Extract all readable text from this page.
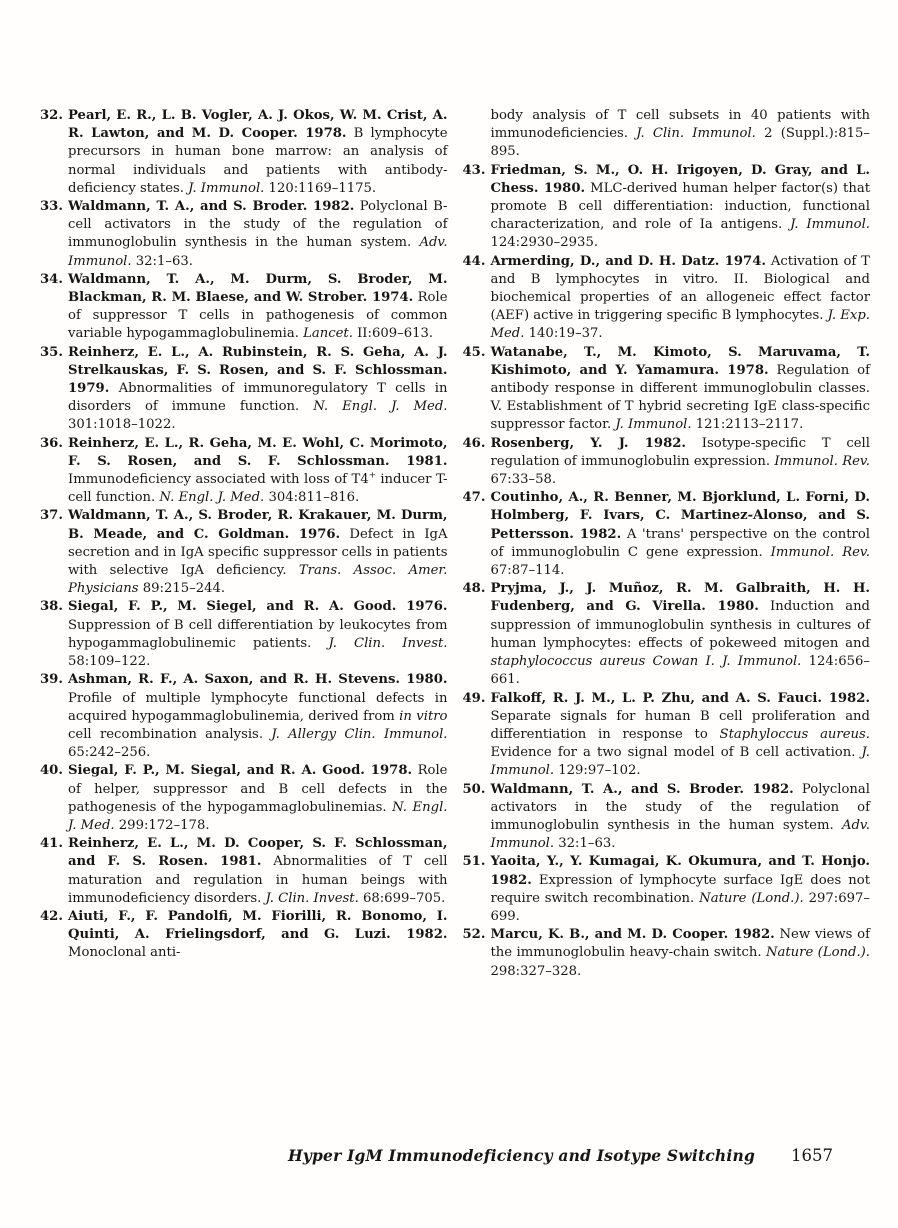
32. Pearl, E. R., L. B. Vogler, A. J. Okos, W. M. Crist, A. R. Lawton, and M. D. Cooper. 1978. B lymphocyte precursors in human bone marrow: an analysis of normal individuals and patients with antibody-deficiency states. J. Immunol. 120:1169–1175.
33. Waldmann, T. A., and S. Broder. 1982. Polyclonal B-cell activators in the study of the regulation of immunoglobulin synthesis in the human system. Adv. Immunol. 32:1–63.
34. Waldmann, T. A., M. Durm, S. Broder, M. Blackman, R. M. Blaese, and W. Strober. 1974. Role of suppressor T cells in pathogenesis of common variable hypogammaglobulinemia. Lancet. II:609–613.
35. Reinherz, E. L., A. Rubinstein, R. S. Geha, A. J. Strelkauskas, F. S. Rosen, and S. F. Schlossman. 1979. Abnormalities of immunoregulatory T cells in disorders of immune function. N. Engl. J. Med. 301:1018–1022.
36. Reinherz, E. L., R. Geha, M. E. Wohl, C. Morimoto, F. S. Rosen, and S. F. Schlossman. 1981. Immunodeficiency associated with loss of T4+ inducer T-cell function. N. Engl. J. Med. 304:811–816.
37. Waldmann, T. A., S. Broder, R. Krakauer, M. Durm, B. Meade, and C. Goldman. 1976. Defect in IgA secretion and in IgA specific suppressor cells in patients with selective IgA deficiency. Trans. Assoc. Amer. Physicians 89:215–244.
38. Siegal, F. P., M. Siegel, and R. A. Good. 1976. Suppression of B cell differentiation by leukocytes from hypogammaglobulinemic patients. J. Clin. Invest. 58:109–122.
39. Ashman, R. F., A. Saxon, and R. H. Stevens. 1980. Profile of multiple lymphocyte functional defects in acquired hypogammaglobulinemia, derived from in vitro cell recombination analysis. J. Allergy Clin. Immunol. 65:242–256.
40. Siegal, F. P., M. Siegal, and R. A. Good. 1978. Role of helper, suppressor and B cell defects in the pathogenesis of the hypogammaglobulinemias. N. Engl. J. Med. 299:172–178.
41. Reinherz, E. L., M. D. Cooper, S. F. Schlossman, and F. S. Rosen. 1981. Abnormalities of T cell maturation and regulation in human beings with immunodeficiency disorders. J. Clin. Invest. 68:699–705.
42. Aiuti, F., F. Pandolfi, M. Fiorilli, R. Bonomo, I. Quinti, A. Frielingsdorf, and G. Luzi. 1982. Monoclonal anti-
body analysis of T cell subsets in 40 patients with immunodeficiencies. J. Clin. Immunol. 2 (Suppl.):815–895.
43. Friedman, S. M., O. H. Irigoyen, D. Gray, and L. Chess. 1980. MLC-derived human helper factor(s) that promote B cell differentiation: induction, functional characterization, and role of Ia antigens. J. Immunol. 124:2930–2935.
44. Armerding, D., and D. H. Datz. 1974. Activation of T and B lymphocytes in vitro. II. Biological and biochemical properties of an allogeneic effect factor (AEF) active in triggering specific B lymphocytes. J. Exp. Med. 140:19–37.
45. Watanabe, T., M. Kimoto, S. Maruvama, T. Kishimoto, and Y. Yamamura. 1978. Regulation of antibody response in different immunoglobulin classes. V. Establishment of T hybrid secreting IgE class-specific suppressor factor. J. Immunol. 121:2113–2117.
46. Rosenberg, Y. J. 1982. Isotype-specific T cell regulation of immunoglobulin expression. Immunol. Rev. 67:33–58.
47. Coutinho, A., R. Benner, M. Bjorklund, L. Forni, D. Holmberg, F. Ivars, C. Martinez-Alonso, and S. Pettersson. 1982. A 'trans' perspective on the control of immunoglobulin C gene expression. Immunol. Rev. 67:87–114.
48. Pryjma, J., J. Muñoz, R. M. Galbraith, H. H. Fudenberg, and G. Virella. 1980. Induction and suppression of immunoglobulin synthesis in cultures of human lymphocytes: effects of pokeweed mitogen and staphylococcus aureus Cowan I. J. Immunol. 124:656–661.
49. Falkoff, R. J. M., L. P. Zhu, and A. S. Fauci. 1982. Separate signals for human B cell proliferation and differentiation in response to Staphyloccus aureus. Evidence for a two signal model of B cell activation. J. Immunol. 129:97–102.
50. Waldmann, T. A., and S. Broder. 1982. Polyclonal activators in the study of the regulation of immunoglobulin synthesis in the human system. Adv. Immunol. 32:1–63.
51. Yaoita, Y., Y. Kumagai, K. Okumura, and T. Honjo. 1982. Expression of lymphocyte surface IgE does not require switch recombination. Nature (Lond.). 297:697–699.
52. Marcu, K. B., and M. D. Cooper. 1982. New views of the immunoglobulin heavy-chain switch. Nature (Lond.). 298:327–328.
Hyper IgM Immunodeficiency and Isotype Switching 1657
